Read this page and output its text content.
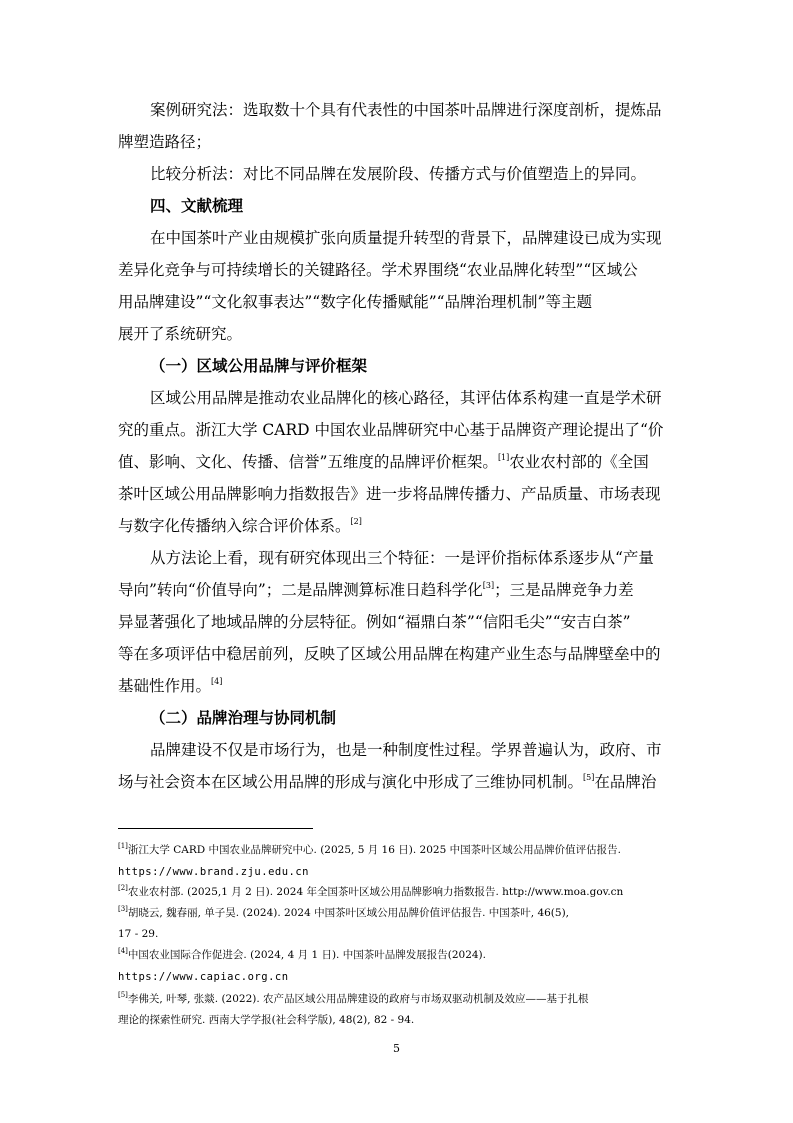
案例研究法：选取数十个具有代表性的中国茶叶品牌进行深度剖析，提炼品
牌塑造路径；
比较分析法：对比不同品牌在发展阶段、传播方式与价值塑造上的异同。
四、文献梳理
在中国茶叶产业由规模扩张向质量提升转型的背景下，品牌建设已成为实现
差异化竞争与可持续增长的关键路径。学术界围绕“农业品牌化转型”“区域公
用品牌建设”“文化叙事表达”“数字化传播赋能”“品牌治理机制”等主题
展开了系统研究。
（一）区域公用品牌与评价框架
区域公用品牌是推动农业品牌化的核心路径，其评估体系构建一直是学术研
究的重点。浙江大学 CARD 中国农业品牌研究中心基于品牌资产理论提出了“价
值、影响、文化、传播、信誉”五维度的品牌评价框架。[1]农业农村部的《全国
茶叶区域公用品牌影响力指数报告》进一步将品牌传播力、产品质量、市场表现
与数字化传播纳入综合评价体系。[2]
从方法论上看，现有研究体现出三个特征：一是评价指标体系逐步从“产量
导向”转向“价值导向”；二是品牌测算标准日趋科学化[3]；三是品牌竞争力差
异显著强化了地域品牌的分层特征。例如“福鼎白茶”“信阳毛尖”“安吉白茶”
等在多项评估中稳居前列，反映了区域公用品牌在构建产业生态与品牌壁垒中的
基础性作用。[4]
（二）品牌治理与协同机制
品牌建设不仅是市场行为，也是一种制度性过程。学界普遍认为，政府、市
场与社会资本在区域公用品牌的形成与演化中形成了三维协同机制。[5]在品牌治
[1]浙江大学 CARD 中国农业品牌研究中心. (2025, 5 月 16 日). 2025 中国茶叶区域公用品牌价值评估报告.
https://www.brand.zju.edu.cn
[2]农业农村部. (2025,1 月 2 日). 2024 年全国茶叶区域公用品牌影响力指数报告. http://www.moa.gov.cn
[3]胡晓云, 魏春丽, 单子昊. (2024). 2024 中国茶叶区域公用品牌价值评估报告. 中国茶叶, 46(5),
17 - 29.
[4]中国农业国际合作促进会. (2024, 4 月 1 日). 中国茶叶品牌发展报告(2024).
https://www.capiac.org.cn
[5]李佛关, 叶琴, 张燚. (2022). 农产品区域公用品牌建设的政府与市场双驱动机制及效应——基于扎根
理论的探索性研究. 西南大学学报(社会科学版), 48(2), 82 - 94.
5
